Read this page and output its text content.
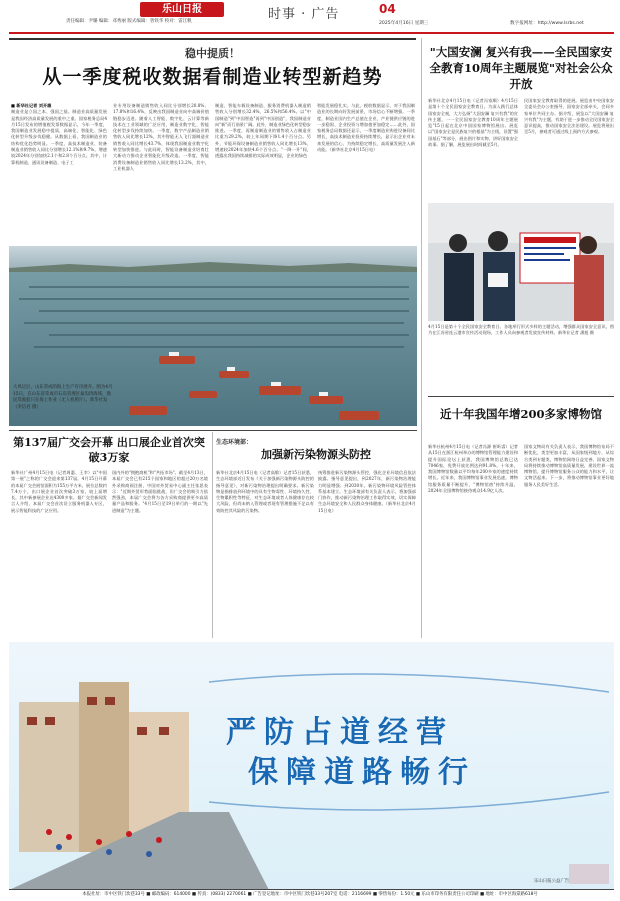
责任编辑：尹璐 编辑：邓秀丽 版式编辑：曾铁华 校对：雷江帆
乐山日报	时事 · 广告	04
2025年4月16日 星期三	数字报网址：http://www.lsrbs.net
稳中提质！
从一季度税收数据看制造业转型新趋势
■ 新华社记者 刘开雄
制造业是立国之本、强国之基。制造业高质量发展是我国经济高质量发展的重中之重。国家税务总局4月15日发布的增值税发票数据显示，今年一季度，我国制造业发展稳中提质，高端化、智能化、绿色化转型升级步伐稳健。从数据上看，我国制造业的结构优化趋势明显。一季度，高技术制造业、装备制造业销售收入同比分别增长12.1%和9.7%，增速较2024年分别加快2.1个和2.8个百分点。其中，计算机制造、通讯设备制造、电子工
业专用设备制造销售收入同比分别增长20.8%、17.8%和16.4%，反映出我国制造业向中高端价值链稳步迈进。随着人工智能、数字化、云计算等新技术在工业领域的广泛应用，制造业数字化、智能化转型步伐持续加快。一季度，数字产品制造业销售收入同比增长12%，其中智能无人飞行器制造业销售收入同比增长43.7%，体现我国制造业数字化转型加快推进。与此同时，智能设备制造业培育壮大新动力推动企业智能化升级改造。一季度，智能消费设备制造业销售收入同比增长13.2%，其中，工业机器人
制造、智能车载设备制造、服务消费机器人制造销售收入分别增长32.4%、26.5%和56.4%。以"中国制造"到"中国智造"再到"中国创造"，我国制造业向"新"而行前景广阔。此外，制造业绿色化转型稳步推进。一季度，再制造制造业的销售收入占制造业比重为29.2%，较上年同期下降1.4个百分点。另外，节能环保设备制造业销售收入同比增长13%，增速较2024年加快4.6个百分点。"一降一升"间，透露出我国持续减排的实际成效明显，企业的绿色
智能发展稳扎实。与此，税收数据显示，对于我国制造业的长期向好发展前景，市场信心不断增强。一季度，制造业国内生产总值在企业，产业链供应链的进一步稳固、企业投资与增加值更加稳定……此外，国家税务总局数据还显示，一季度制造业购进设备同比增长，高技术制造业投资持续增长，显示出企业对未来发展的信心，为持续稳定增长、高质量发展注入新动能。（新华社北京4月15日电）
大风过后，山东荣成的海上生产有序展开。图为4月15日，在山东省荣成市石岛管理区桑沟湾海域，渔民驾驶船只在海上作业（无人机照片）。新华社发（李信君 摄）
"大国安澜 复兴有我——全民国家安全教育10周年主题展览"对社会公众开放
新华社北京4月15日电（记者冯家顺）4月15日是第十个全民国家安全教育日。为深入践行总体国家安全观，大力弘扬"大国安澜 复兴有我"的宣传主题，一一全民国家安全教育10周年主题展览"15日起在北京中国国家博物馆展出。展览以"国家安全是民族复兴的根基"为主线，设置"强国基石"等部分，展出图片和实物，讲好国家安全故事。据了解，展览展出时间截至5月。
民国家安全教育取得的进展。展览由中央国家安全委员会办公室指导，国家安全部牵头，会同多家单位共同主办。据介绍，展览以"大国安澜 复兴有我"为主题，有助于进一步推动全民国家安全意识提高，推动国家安全法治建设。展览将展出至5月，参观者可通过线上预约方式参观。
4月15日是第十个全民国家安全教育日。各地举行形式多样的主题活动，增强群众国家安全意识。图为在江苏省连云港市宣传活动现场，工作人员向参观者发放宣传材料。新华社记者 潘旭 摄
近十年我国年增200多家博物馆
新华社杭州4月15日电（记者冯源 崔昕睿）记者从15日在浙江杭州举办的博物馆管理能力建设和提升国际论坛上获悉，我国博物馆总数已达7046家，免费开放比例达到91.8%。十年来，我国博物馆数量以平均每年200多家的速度持续增长。近年来，我国博物馆事业发展迅速，博物馆服务质量不断提升，"博物馆热"持续升温，2024年全国博物馆接待观众14.9亿人次。
国家文物局有关负责人表示，我国博物馆布局不断优化，类型更加丰富，从国家级到地方、从综合类到专题类，博物馆网络日益完善。国家文物局将持续推动博物馆高质量发展，建设世界一流博物馆，提升博物馆服务公众的能力和水平，让文物活起来。下一步，将推动博物馆事业更好地服务人民美好生活。
第137届广交会开幕 出口展企业首次突破3万家
新华社广州4月15日电（记者周惠、王幸）以"中国第一展"之称的广交会迎来第137届。4月15日开幕的本届广交会展馆面积为155万平方米，展位总数约7.4万个，出口展企业首次突破3万家，较上届增长，其中新参展企业达4300多家。据广交会新闻发言人介绍，本届广交会首次设立服务机器人专区，展示智能科技的广泛应用。
国内外的"拥抱商机"和"共拓市场"。截至4月13日，本届广交会已有215个国家和地区的超过20万名境外采购商预注册，中国对外贸易中心副主任张思表示："近期外贸形势面临挑战，但广交会的吸引力依然强劲，本届广交会将为各方采购商提供更多高质量产品和服务。"4月15日至19日举行的一期以"先进制造"为主题。
生态环境部：
加强新污染物源头防控
新华社北京4月15日电（记者高敬）记者15日获悉，生态环境部近日发布《关于加强新污染物源头防控的指导意见》，对新污染物治理提出明确要求。新污染物是指排放到环境中的具有生物毒性、环境持久性、生物累积性等特征，对生态环境或者人体健康存在较大风险，但尚未纳入管理或者现有管理措施不足以有效防控其风险的污染物。
统筹推进新污染物源头管控，强化企业环境信息依法披露。指导意见提出，到2027年，新污染物治理能力明显增强；到2030年，新污染物环境风险管控体系基本建立。生态环境部有关负责人表示，将加强部门协作，推动新污染物治理工作取得实效，切实保障生态环境安全和人民群众身体健康。（新华社北京4月15日电）
严防占道经营
保障道路畅行
乐山日报公益广告
本报社址：市中区铁门坎巷33号 ■ 邮政编码：614000 ■ 传真：(0833) 2270061 ■ 广告登记地址：市中区铁门坎巷33号207室 电话：2116699 ■ 零售每份：1.50元 ■ 乐山市印务有限责任公司印刷 ■ 地址：市中区海棠路618号
